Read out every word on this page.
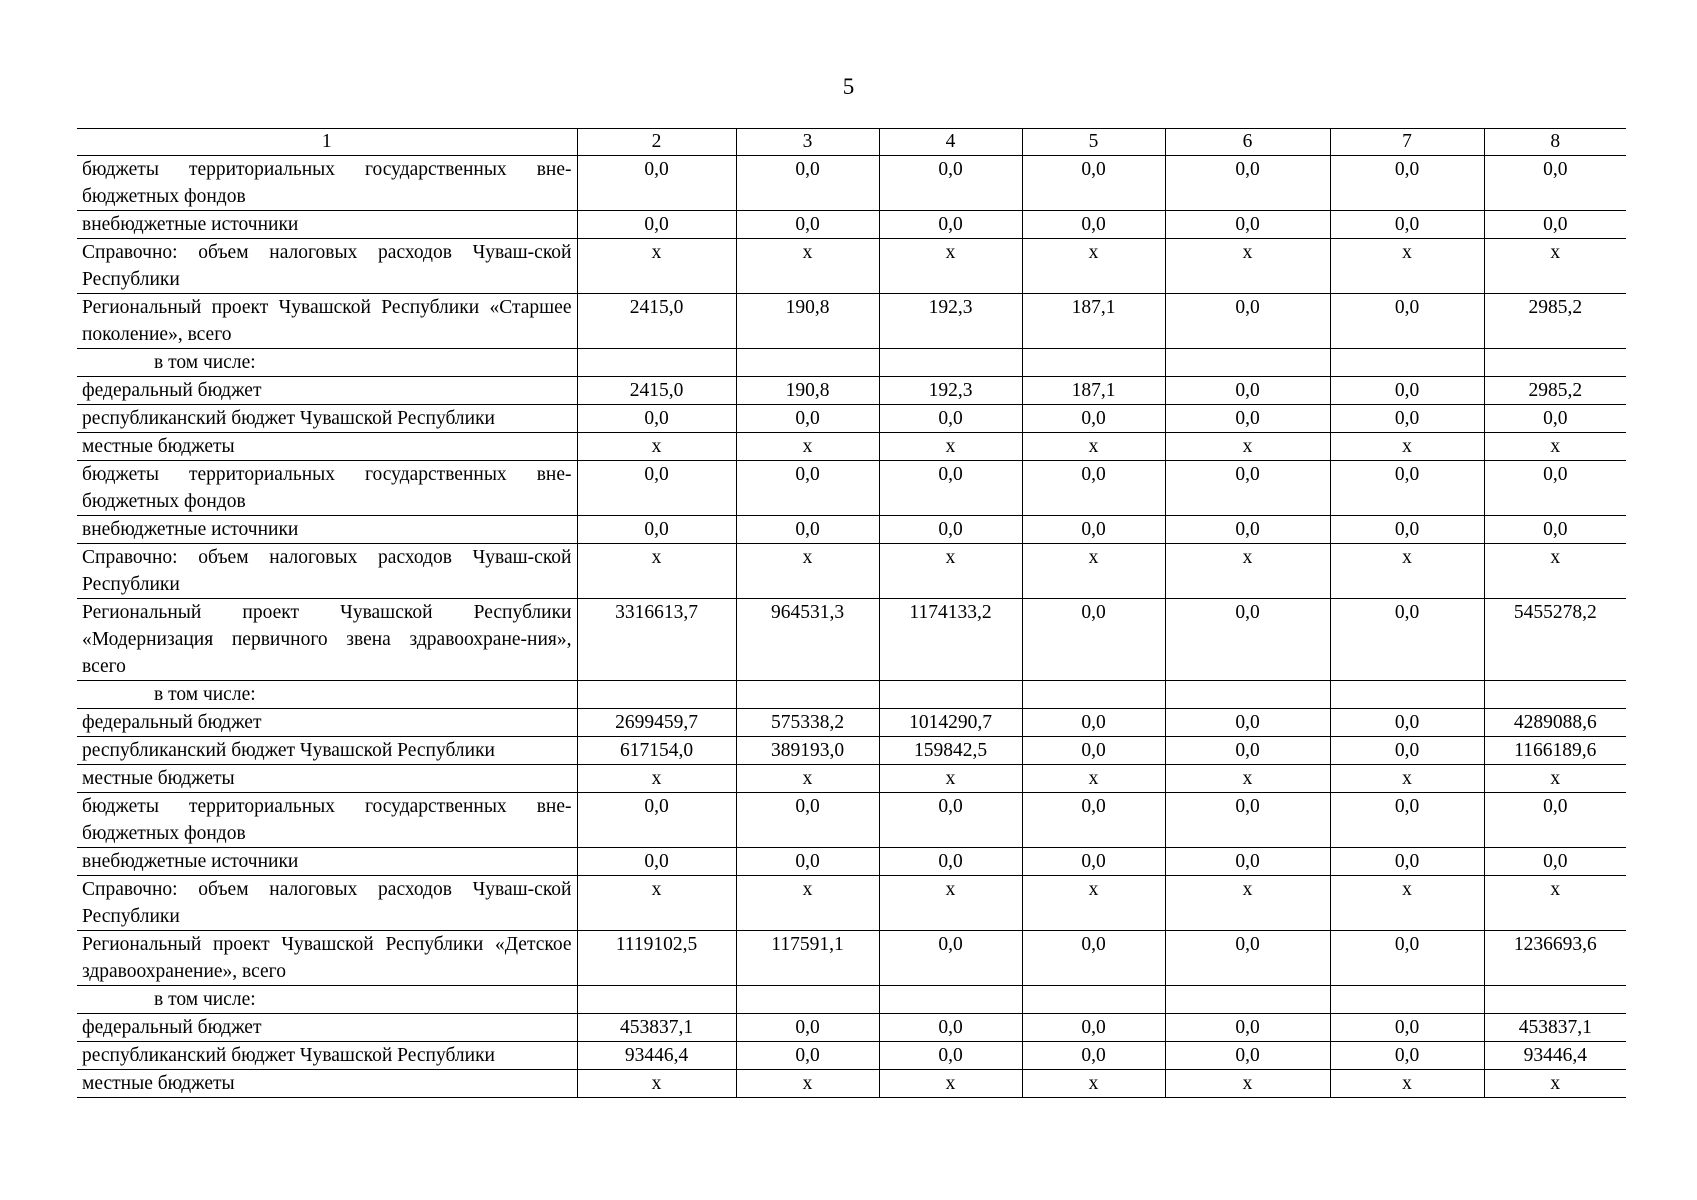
5
1	2	3	4	5	6	7	8
бюджеты территориальных государственных вне-бюджетных фондов	0,0	0,0	0,0	0,0	0,0	0,0	0,0
внебюджетные источники	0,0	0,0	0,0	0,0	0,0	0,0	0,0
Справочно: объем налоговых расходов Чуваш-ской Республики	x	x	x	x	x	x	x
Региональный проект Чувашской Республики «Старшее поколение», всего	2415,0	190,8	192,3	187,1	0,0	0,0	2985,2
в том числе:							
федеральный бюджет	2415,0	190,8	192,3	187,1	0,0	0,0	2985,2
республиканский бюджет Чувашской Республики	0,0	0,0	0,0	0,0	0,0	0,0	0,0
местные бюджеты	x	x	x	x	x	x	x
бюджеты территориальных государственных вне-бюджетных фондов	0,0	0,0	0,0	0,0	0,0	0,0	0,0
внебюджетные источники	0,0	0,0	0,0	0,0	0,0	0,0	0,0
Справочно: объем налоговых расходов Чуваш-ской Республики	x	x	x	x	x	x	x
Региональный проект Чувашской Республики «Модернизация первичного звена здравоохране-ния», всего	3316613,7	964531,3	1174133,2	0,0	0,0	0,0	5455278,2
в том числе:							
федеральный бюджет	2699459,7	575338,2	1014290,7	0,0	0,0	0,0	4289088,6
республиканский бюджет Чувашской Республики	617154,0	389193,0	159842,5	0,0	0,0	0,0	1166189,6
местные бюджеты	x	x	x	x	x	x	x
бюджеты территориальных государственных вне-бюджетных фондов	0,0	0,0	0,0	0,0	0,0	0,0	0,0
внебюджетные источники	0,0	0,0	0,0	0,0	0,0	0,0	0,0
Справочно: объем налоговых расходов Чуваш-ской Республики	x	x	x	x	x	x	x
Региональный проект Чувашской Республики «Детское здравоохранение», всего	1119102,5	117591,1	0,0	0,0	0,0	0,0	1236693,6
в том числе:							
федеральный бюджет	453837,1	0,0	0,0	0,0	0,0	0,0	453837,1
республиканский бюджет Чувашской Республики	93446,4	0,0	0,0	0,0	0,0	0,0	93446,4
местные бюджеты	x	x	x	x	x	x	x
